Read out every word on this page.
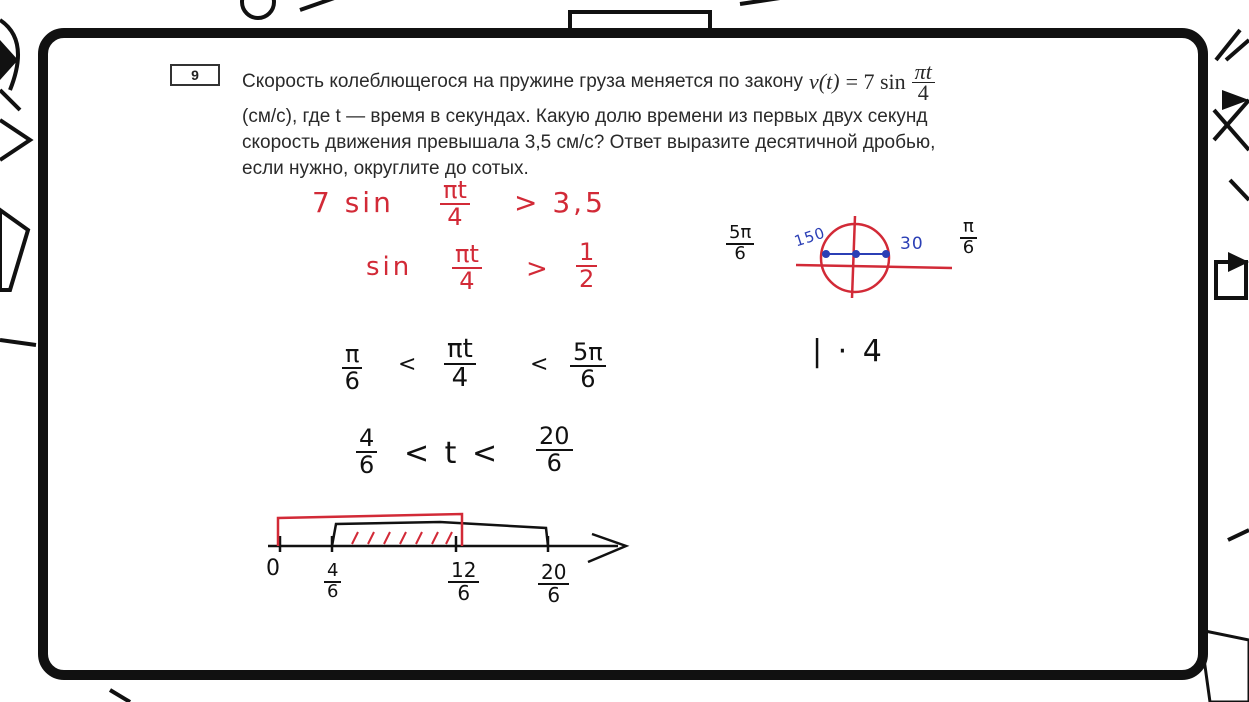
9	Скорость колеблющегося на пружине груза меняется по закону v(t) = 7 $\sin \frac{\pi t}{4}$
(см/с), где t — время в секундах. Какую долю времени из первых двух секунд
скорость движения превышала 3,5 см/с? Ответ выразите десятичной дробью,
если нужно, округлите до сотых.
7 $\sin \frac{\pi t}{4} > 3,5$
$\sin \frac{\pi t}{4} > \frac{1}{2}$
$\frac{\pi}{6} < \frac{\pi t}{4} < \frac{5\pi}{6}$
$\frac{4}{6} < t < \frac{20}{6}$
| · 4
$\frac{5\pi}{6}$	$\frac{\pi}{6}$
150	30
$0 \frac{4}{6}$	$\frac{12}{6}$	$\frac{20}{6}$
